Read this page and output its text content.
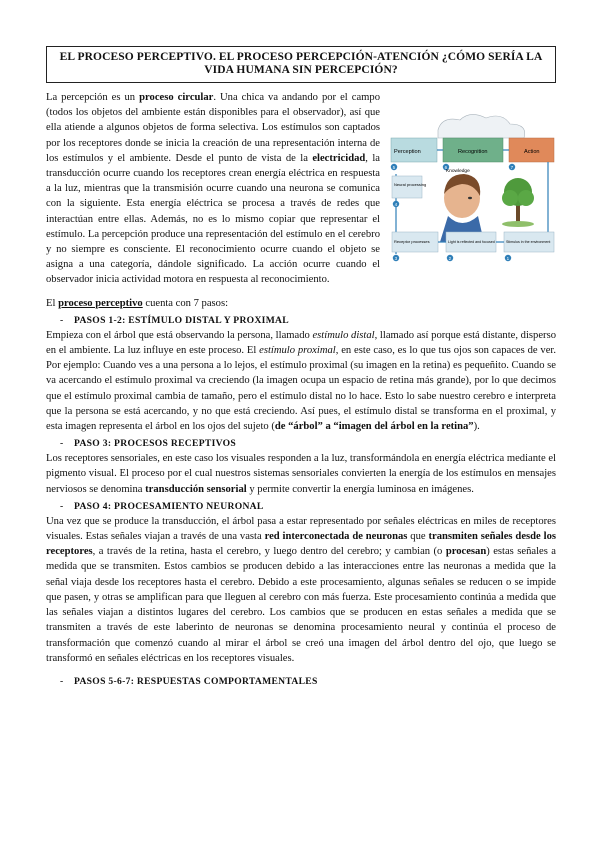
EL PROCESO PERCEPTIVO. EL PROCESO PERCEPCIÓN-ATENCIÓN ¿CÓMO SERÍA LA VIDA HUMANA SIN PERCEPCIÓN?
Perception	Recognition	Action
5	6	7
Neural processing
4
Knowledge
Receptor processes	Light is reflected and focused	Stimulus in the environment
3	2	1

La percepción es un proceso circular. Una chica va andando por el campo (todos los objetos del ambiente están disponibles para el observador), así que ella atiende a algunos objetos de forma selectiva. Los estímulos son captados por los receptores donde se inicia la creación de una representación interna de los estímulos y el ambiente. Desde el punto de vista de la electricidad, la transducción ocurre cuando los receptores crean energía eléctrica en respuesta a la luz, mientras que la transmisión ocurre cuando una neurona se comunica con la siguiente. Esta energía eléctrica se procesa a través de redes que interactúan entre ellas. Además, no es lo mismo copiar que representar el estímulo. La percepción produce una representación del estímulo en el cerebro y no siempre es consciente. El reconocimiento ocurre cuando el objeto se asigna a una categoría, dándole significado. La acción ocurre cuando el observador inicia actividad motora en respuesta al reconocimiento.

El proceso perceptivo cuenta con 7 pasos:

- PASOS 1-2: ESTÍMULO DISTAL Y PROXIMAL

Empieza con el árbol que está observando la persona, llamado estímulo distal, llamado así porque está distante, disperso en el ambiente. La luz influye en este proceso. El estímulo proximal, en este caso, es lo que tus ojos son capaces de ver. Por ejemplo: Cuando ves a una persona a lo lejos, el estímulo proximal (su imagen en la retina) es pequeñito. Cuando se va acercando el estímulo proximal va creciendo (la imagen ocupa un espacio de retina más grande), por lo que decimos que el estímulo proximal cambia de tamaño, pero el estímulo distal no lo hace. Esto lo sabe nuestro cerebro e interpreta que la persona se está acercando, y no que está creciendo. Así pues, el estímulo distal se transforma en el proximal, y esta imagen representa el árbol en los ojos del sujeto (de “árbol” a “imagen del árbol en la retina”).

- PASO 3: PROCESOS RECEPTIVOS

Los receptores sensoriales, en este caso los visuales responden a la luz, transformándola en energía eléctrica mediante el pigmento visual. El proceso por el cual nuestros sistemas sensoriales convierten la energía de los estímulos en mensajes nerviosos se denomina transducción sensorial y permite convertir la energía luminosa en imágenes.

- PASO 4: PROCESAMIENTO NEURONAL

Una vez que se produce la transducción, el árbol pasa a estar representado por señales eléctricas en miles de receptores visuales. Estas señales viajan a través de una vasta red interconectada de neuronas que transmiten señales desde los receptores, a través de la retina, hasta el cerebro, y luego dentro del cerebro; y cambian (o procesan) estas señales a medida que se transmiten. Estos cambios se producen debido a las interacciones entre las neuronas a medida que la señal viaja desde los receptores hasta el cerebro. Debido a este procesamiento, algunas señales se reducen o se impide que pasen, y otras se amplifican para que lleguen al cerebro con más fuerza. Este procesamiento continúa a medida que las señales viajan a distintos lugares del cerebro. Los cambios que se producen en estas señales a medida que se transmiten a través de este laberinto de neuronas se denomina procesamiento neural y continúa el proceso de transformación que comenzó cuando al mirar el árbol se creó una imagen del árbol dentro del ojo, que luego se transformó en señales eléctricas en los receptores visuales.

- PASOS 5-6-7: RESPUESTAS COMPORTAMENTALES
